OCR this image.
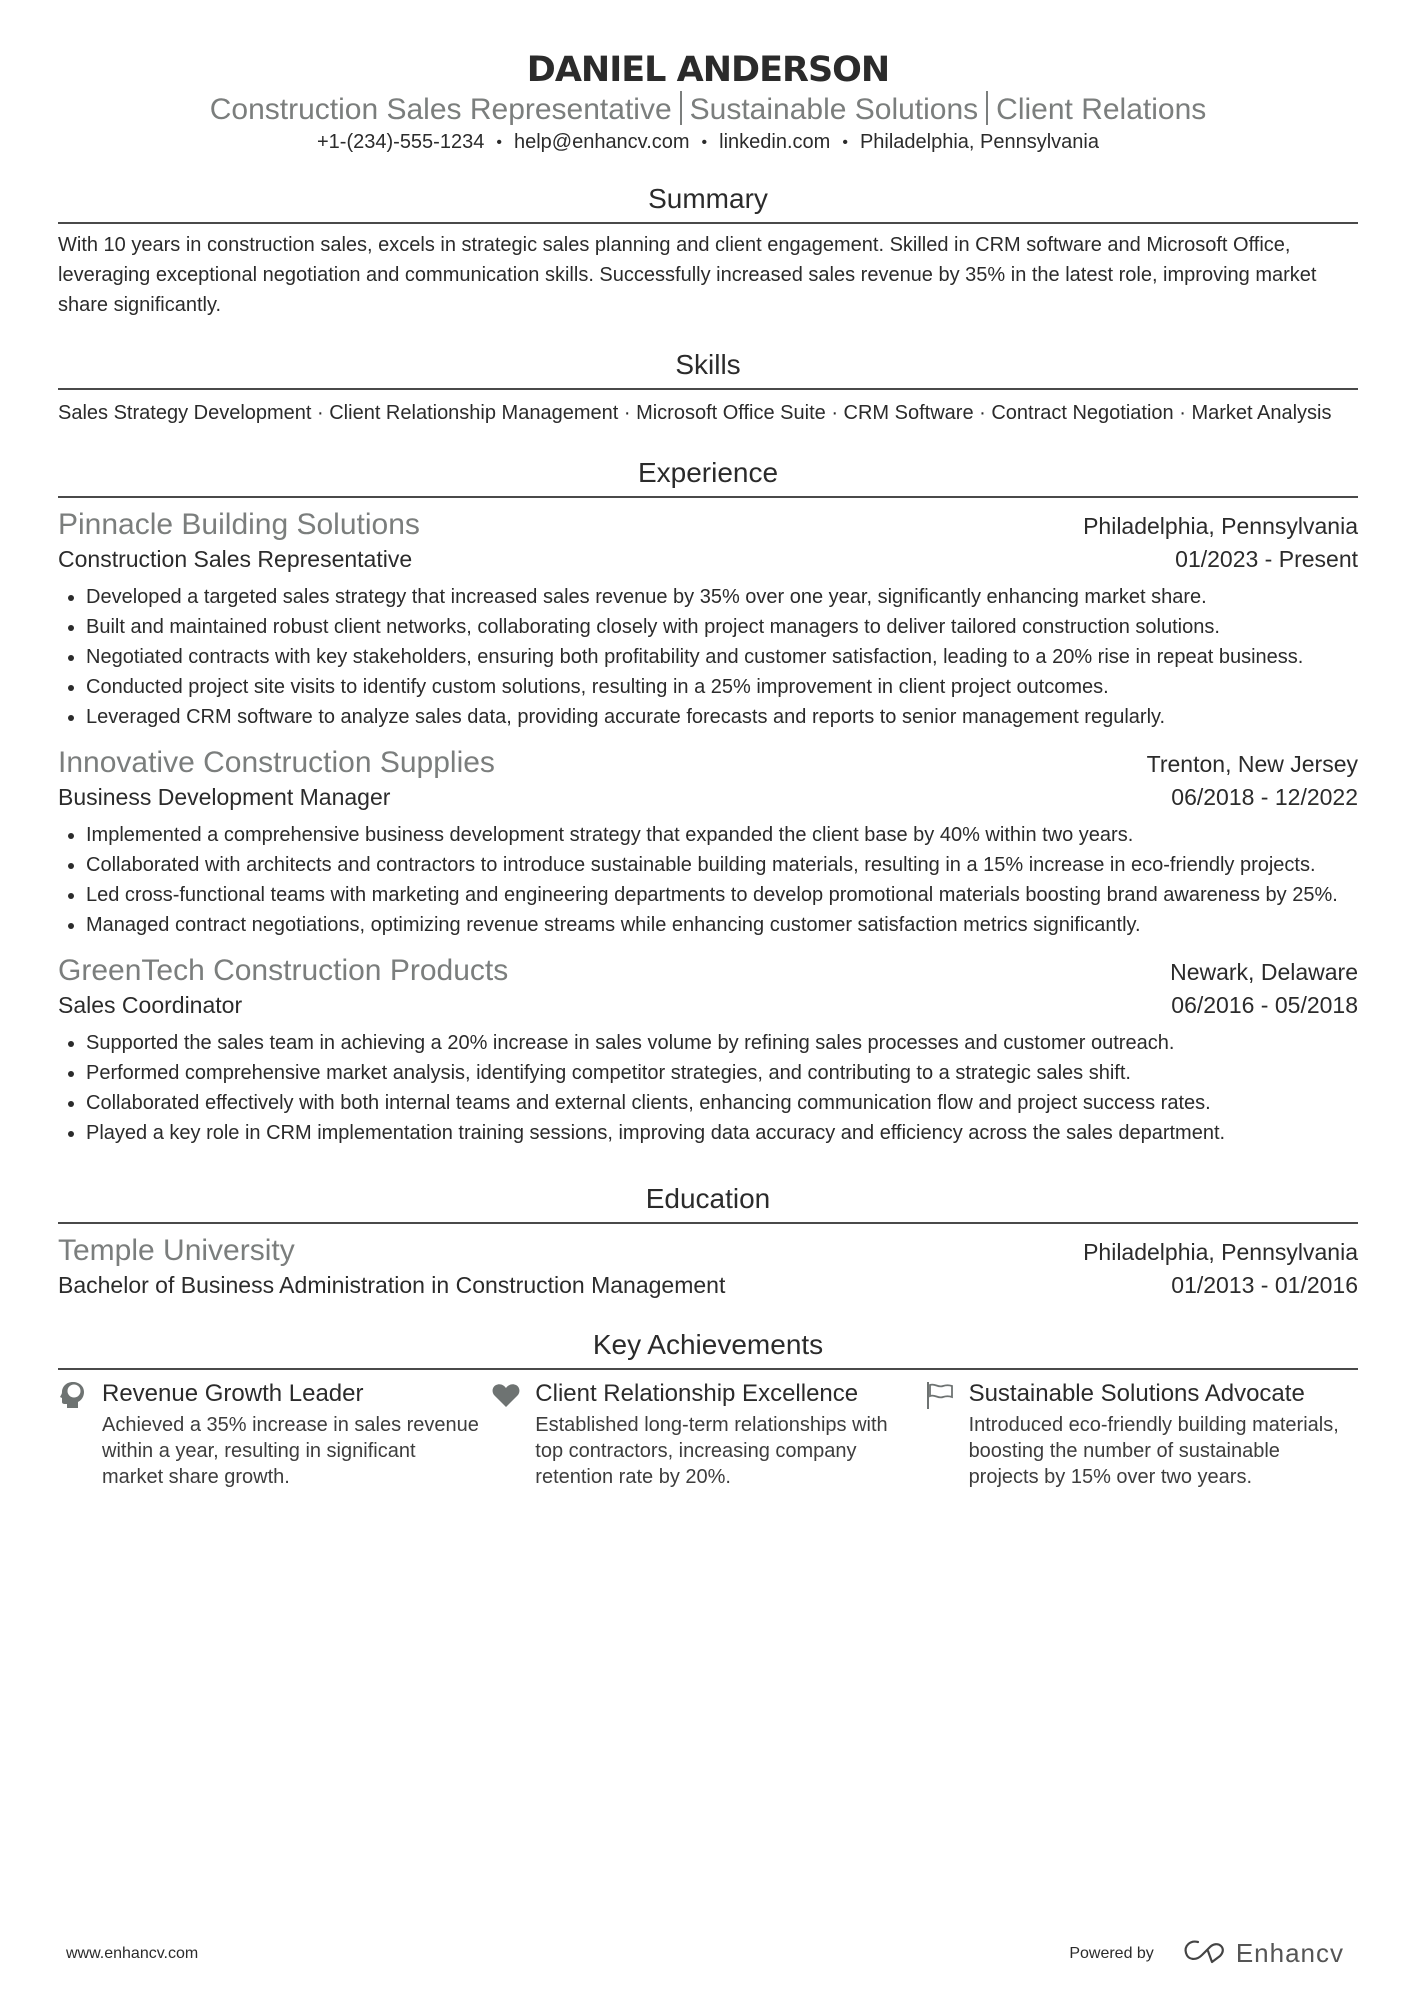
DANIEL ANDERSON
Construction Sales Representative Sustainable Solutions Client Relations
+1-(234)-555-1234 • help@enhancv.com • linkedin.com • Philadelphia, Pennsylvania
Summary
With 10 years in construction sales, excels in strategic sales planning and client engagement. Skilled in CRM software and Microsoft Office, leveraging exceptional negotiation and communication skills. Successfully increased sales revenue by 35% in the latest role, improving market share significantly.
Skills
Sales Strategy Development · Client Relationship Management · Microsoft Office Suite · CRM Software · Contract Negotiation · Market Analysis
Experience
Pinnacle Building Solutions	Philadelphia, Pennsylvania
Construction Sales Representative	01/2023 - Present
• Developed a targeted sales strategy that increased sales revenue by 35% over one year, significantly enhancing market share.
• Built and maintained robust client networks, collaborating closely with project managers to deliver tailored construction solutions.
• Negotiated contracts with key stakeholders, ensuring both profitability and customer satisfaction, leading to a 20% rise in repeat business.
• Conducted project site visits to identify custom solutions, resulting in a 25% improvement in client project outcomes.
• Leveraged CRM software to analyze sales data, providing accurate forecasts and reports to senior management regularly.
Innovative Construction Supplies	Trenton, New Jersey
Business Development Manager	06/2018 - 12/2022
• Implemented a comprehensive business development strategy that expanded the client base by 40% within two years.
• Collaborated with architects and contractors to introduce sustainable building materials, resulting in a 15% increase in eco-friendly projects.
• Led cross-functional teams with marketing and engineering departments to develop promotional materials boosting brand awareness by 25%.
• Managed contract negotiations, optimizing revenue streams while enhancing customer satisfaction metrics significantly.
GreenTech Construction Products	Newark, Delaware
Sales Coordinator	06/2016 - 05/2018
• Supported the sales team in achieving a 20% increase in sales volume by refining sales processes and customer outreach.
• Performed comprehensive market analysis, identifying competitor strategies, and contributing to a strategic sales shift.
• Collaborated effectively with both internal teams and external clients, enhancing communication flow and project success rates.
• Played a key role in CRM implementation training sessions, improving data accuracy and efficiency across the sales department.
Education
Temple University	Philadelphia, Pennsylvania
Bachelor of Business Administration in Construction Management	01/2013 - 01/2016
Key Achievements
Revenue Growth Leader
Achieved a 35% increase in sales revenue within a year, resulting in significant market share growth.
Client Relationship Excellence
Established long-term relationships with top contractors, increasing company retention rate by 20%.
Sustainable Solutions Advocate
Introduced eco-friendly building materials, boosting the number of sustainable projects by 15% over two years.
www.enhancv.com	Powered by	Enhancv
